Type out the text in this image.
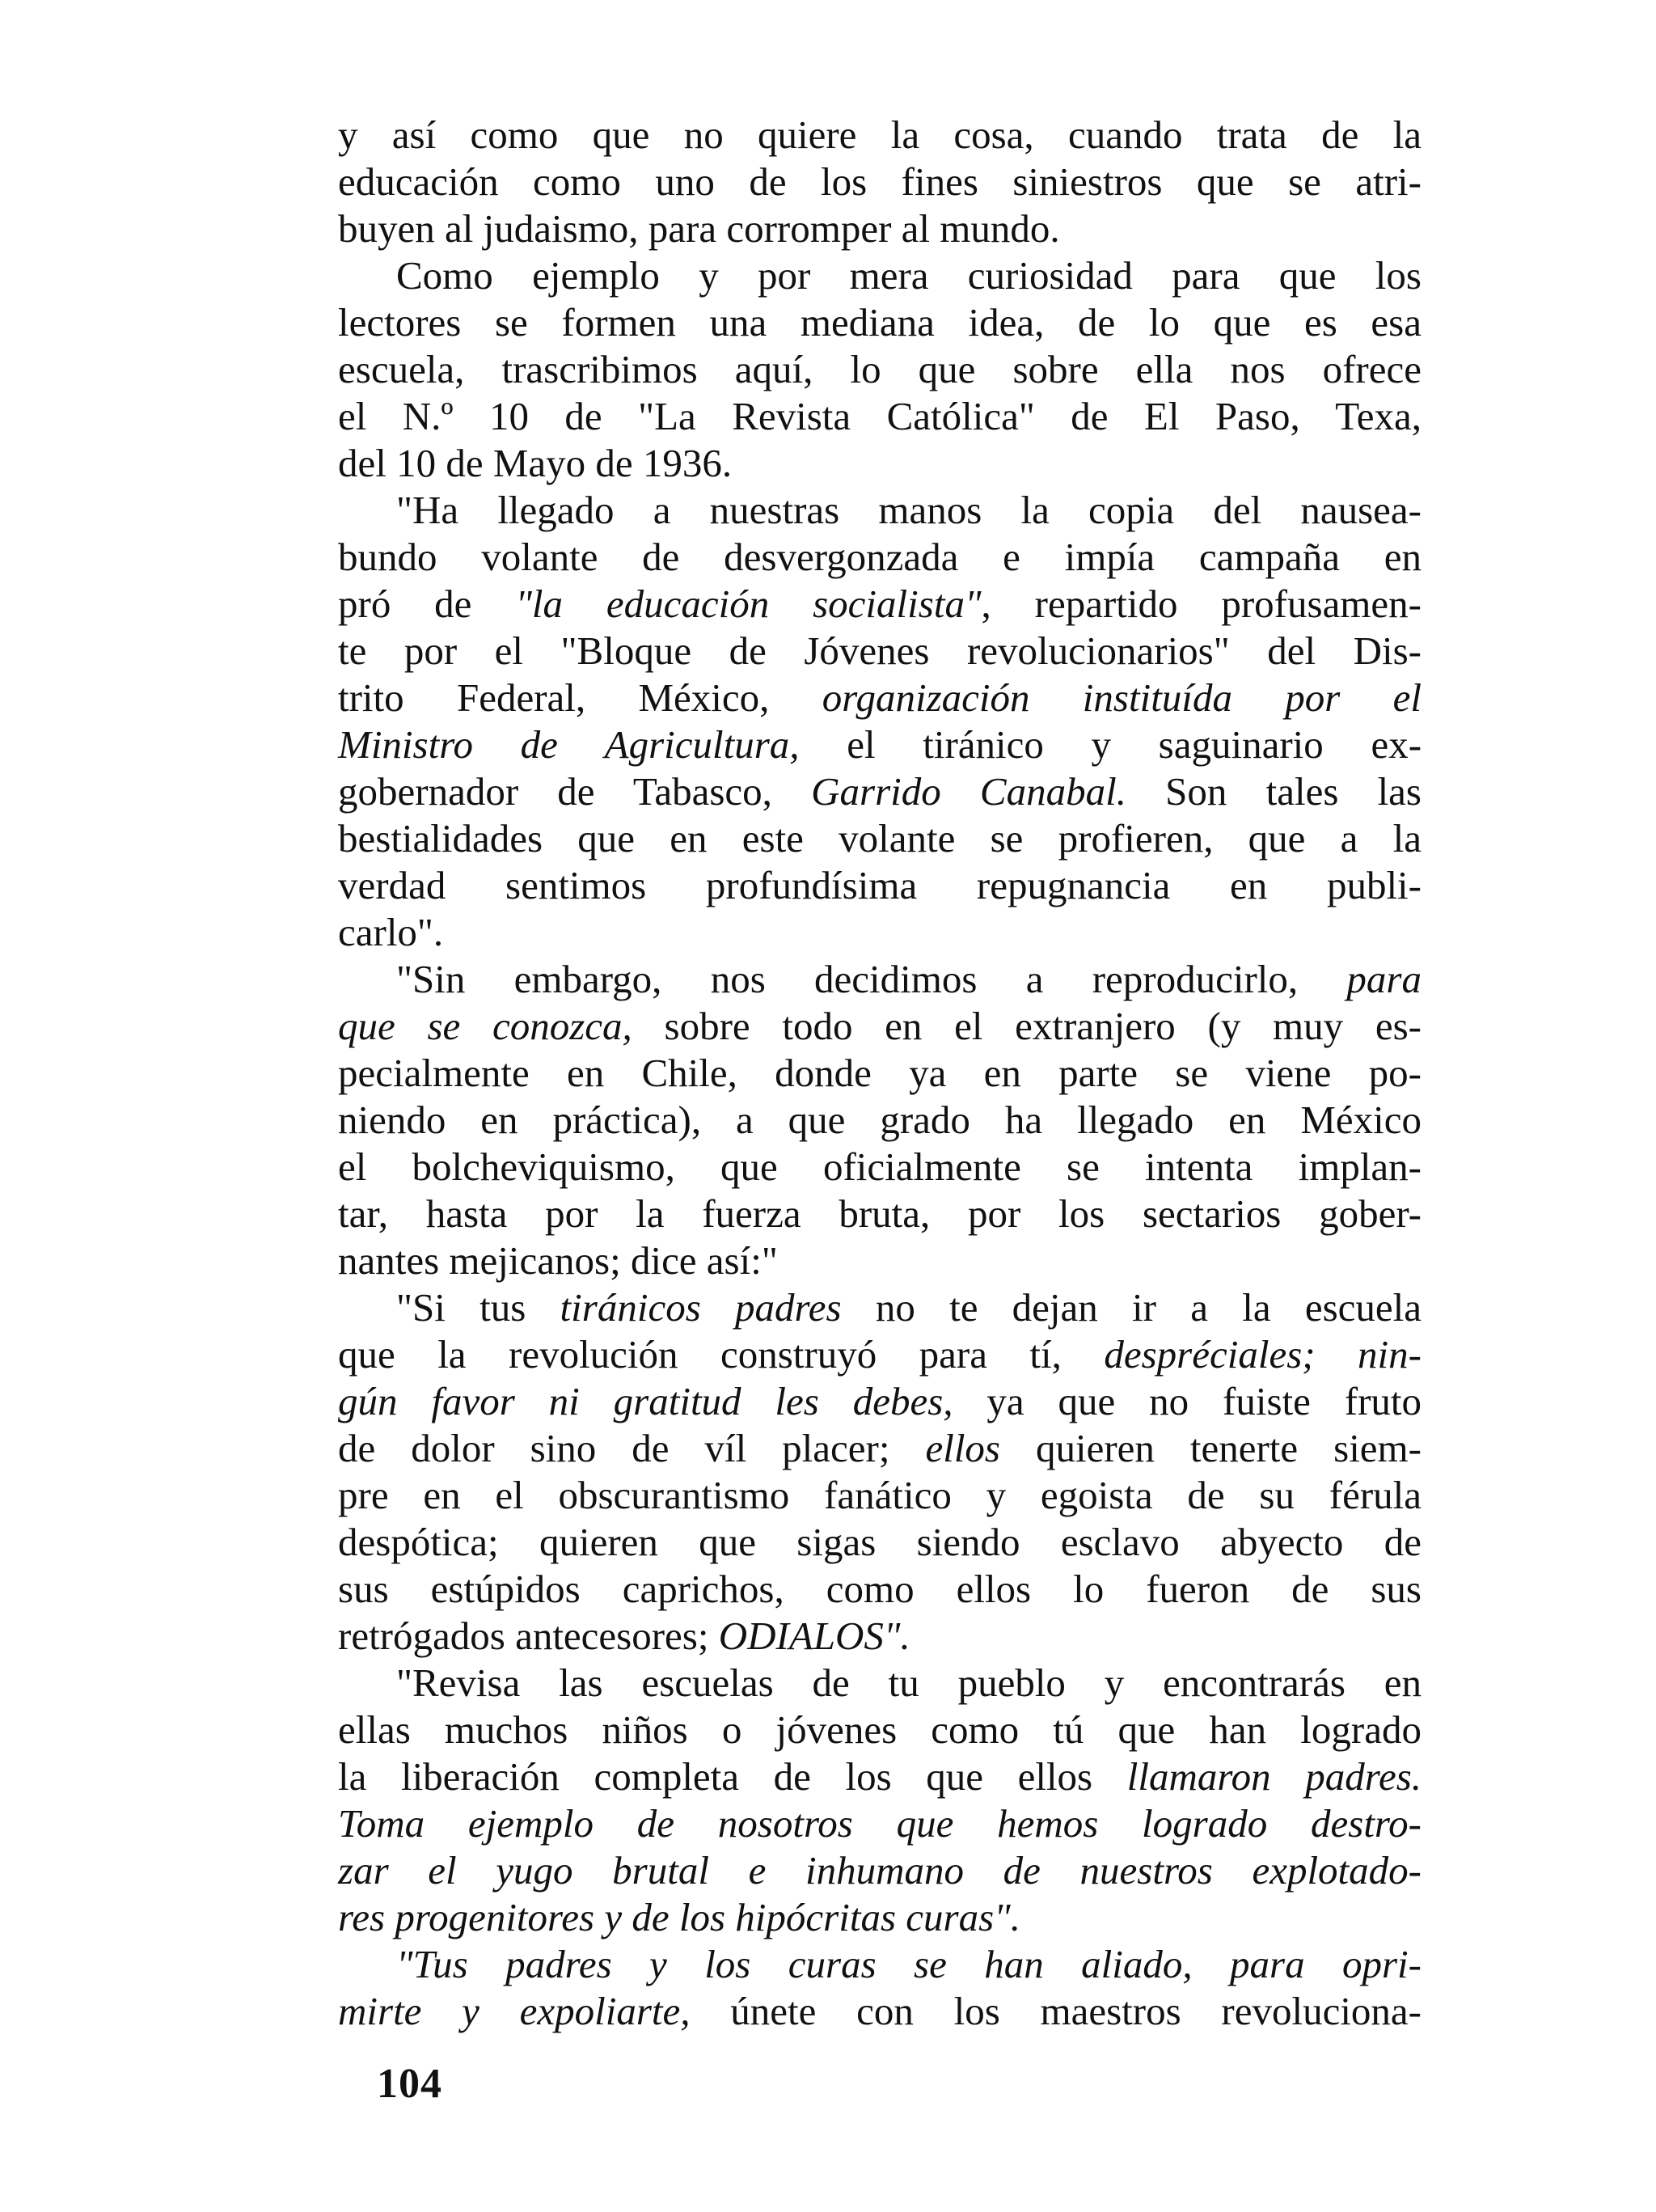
y así como que no quiere la cosa, cuando trata de la
educación como uno de los fines siniestros que se atri-
buyen al judaismo, para corromper al mundo.
Como ejemplo y por mera curiosidad para que los
lectores se formen una mediana idea, de lo que es esa
escuela, trascribimos aquí, lo que sobre ella nos ofrece
el N.º 10 de "La Revista Católica" de El Paso, Texa,
del 10 de Mayo de 1936.
"Ha llegado a nuestras manos la copia del nausea-
bundo volante de desvergonzada e impía campaña en
pró de "la educación socialista", repartido profusamen-
te por el "Bloque de Jóvenes revolucionarios" del Dis-
trito Federal, México, organización instituída por el
Ministro de Agricultura, el tiránico y saguinario ex-
gobernador de Tabasco, Garrido Canabal. Son tales las
bestialidades que en este volante se profieren, que a la
verdad sentimos profundísima repugnancia en publi-
carlo".
"Sin embargo, nos decidimos a reproducirlo, para
que se conozca, sobre todo en el extranjero (y muy es-
pecialmente en Chile, donde ya en parte se viene po-
niendo en práctica), a que grado ha llegado en México
el bolcheviquismo, que oficialmente se intenta implan-
tar, hasta por la fuerza bruta, por los sectarios gober-
nantes mejicanos; dice así:"
"Si tus tiránicos padres no te dejan ir a la escuela
que la revolución construyó para tí, despréciales; nin-
gún favor ni gratitud les debes, ya que no fuiste fruto
de dolor sino de víl placer; ellos quieren tenerte siem-
pre en el obscurantismo fanático y egoista de su férula
despótica; quieren que sigas siendo esclavo abyecto de
sus estúpidos caprichos, como ellos lo fueron de sus
retrógados antecesores; ODIALOS".
"Revisa las escuelas de tu pueblo y encontrarás en
ellas muchos niños o jóvenes como tú que han logrado
la liberación completa de los que ellos llamaron padres.
Toma ejemplo de nosotros que hemos logrado destro-
zar el yugo brutal e inhumano de nuestros explotado-
res progenitores y de los hipócritas curas".
"Tus padres y los curas se han aliado, para opri-
mirte y expoliarte, únete con los maestros revoluciona-
104
